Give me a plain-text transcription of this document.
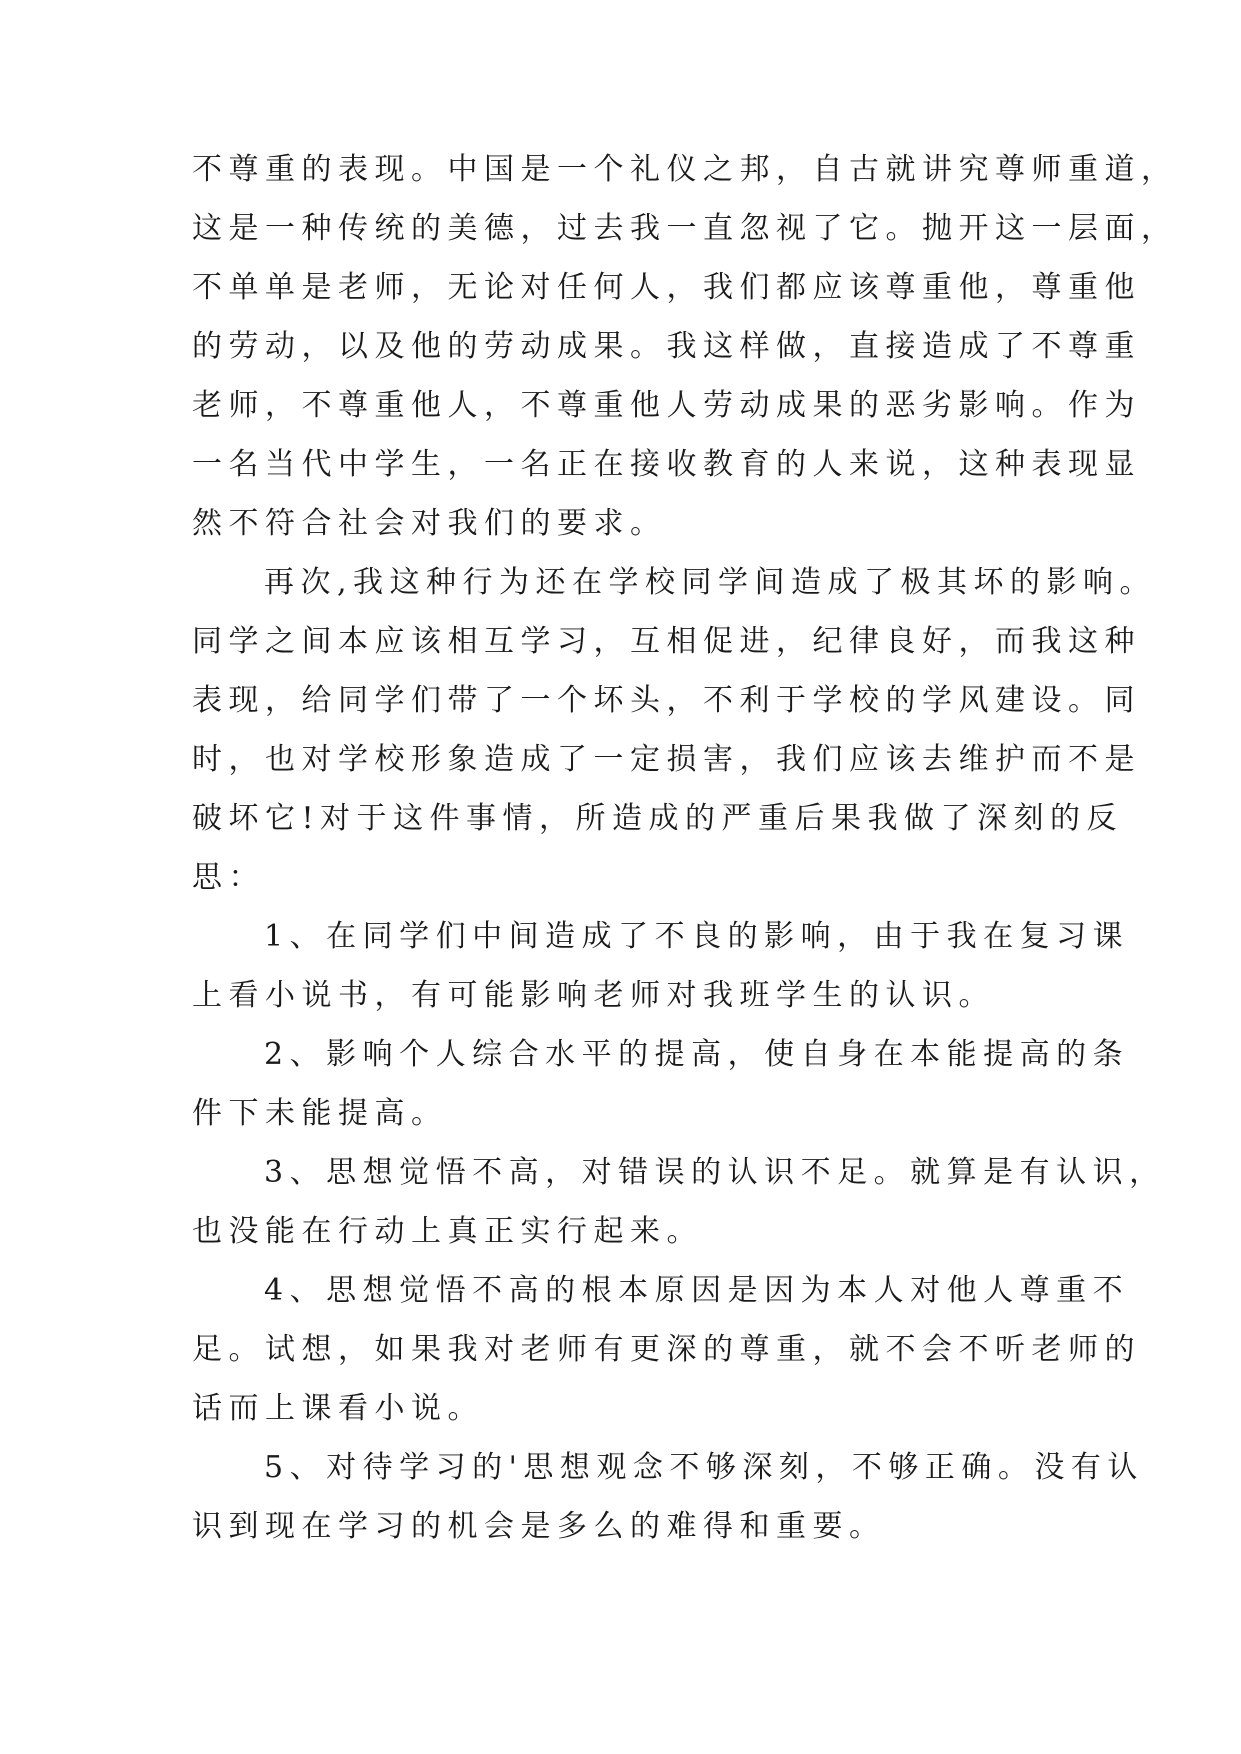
不尊重的表现。中国是一个礼仪之邦，自古就讲究尊师重道，
这是一种传统的美德，过去我一直忽视了它。抛开这一层面，
不单单是老师，无论对任何人，我们都应该尊重他，尊重他
的劳动，以及他的劳动成果。我这样做，直接造成了不尊重
老师，不尊重他人，不尊重他人劳动成果的恶劣影响。作为
一名当代中学生，一名正在接收教育的人来说，这种表现显
然不符合社会对我们的要求。
再次,我这种行为还在学校同学间造成了极其坏的影响。
同学之间本应该相互学习，互相促进，纪律良好，而我这种
表现，给同学们带了一个坏头，不利于学校的学风建设。同
时，也对学校形象造成了一定损害，我们应该去维护而不是
破坏它!对于这件事情，所造成的严重后果我做了深刻的反
思：
1、在同学们中间造成了不良的影响，由于我在复习课
上看小说书，有可能影响老师对我班学生的认识。
2、影响个人综合水平的提高，使自身在本能提高的条
件下未能提高。
3、思想觉悟不高，对错误的认识不足。就算是有认识，
也没能在行动上真正实行起来。
4、思想觉悟不高的根本原因是因为本人对他人尊重不
足。试想，如果我对老师有更深的尊重，就不会不听老师的
话而上课看小说。
5、对待学习的'思想观念不够深刻，不够正确。没有认
识到现在学习的机会是多么的难得和重要。
